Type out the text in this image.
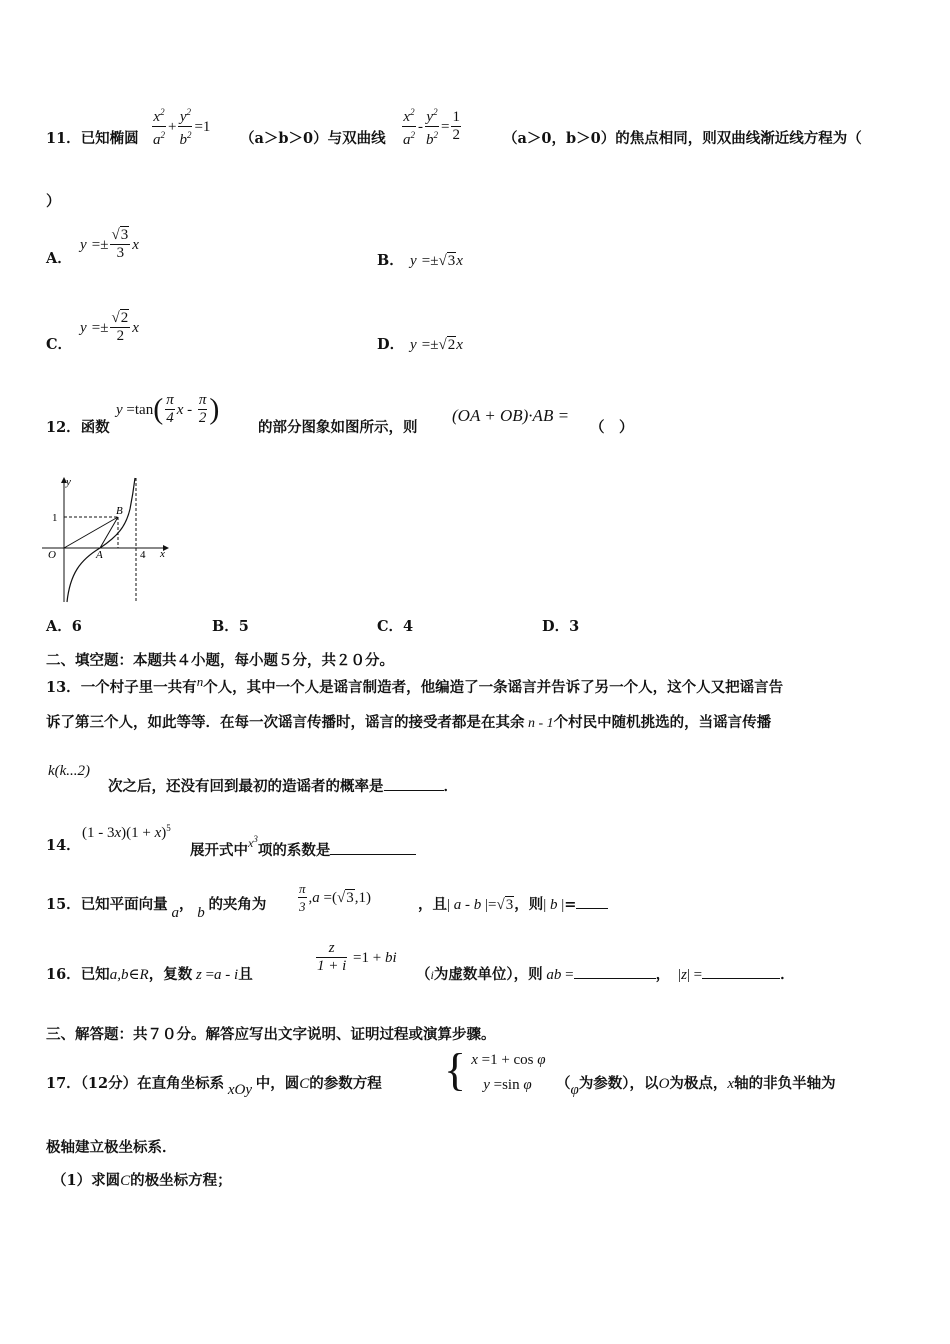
11．已知椭圆 $\frac{x^2}{a^2} + \frac{y^2}{b^2} =1$
（a＞b＞0）与双曲线 $\frac{x^2}{a^2} - \frac{y^2}{b^2} = \frac{1}{2}$	（a＞0，b＞0）的焦点相同，则双曲线渐近线方程为（
）
A．
$y =\pm \frac{√3}{3}$ x
B． y =±√3x
C．
$y =\pm \frac{√2}{2}$ x
D． y =±√2x
12．函数
$y =\tan( \frac{\pi}{4}$ x - $\frac{\pi}{2}$ )
的部分图象如图所示，则
(OA + OB)·AB =
（　）
y
x
O	A
B
1
4
A．6	B．5	C．4	D．3
二、填空题：本题共４小题，每小题５分，共２０分。
13．一个村子里一共有n个人，其中一个人是谣言制造者，他编造了一条谣言并告诉了另一个人，这个人又把谣言告
诉了第三个人，如此等等．在每一次谣言传播时，谣言的接受者都是在其余 n - 1个村民中随机挑选的，当谣言传播
k(k...2)
次之后，还没有回到最初的造谣者的概率是	．
14．
$(1 - 3x)(1 + x)^5$
展开式中$^{x^3}$项的系数是
15．已知平面向量 a， b 的夹角为 $\frac{\pi}{3} ,a =(√3,1)$	，且| a - b |=√3，则| b |=
16．已知a,b∈R，复数 z =a - i且	$\frac{z}{1 + i} =1$ + bi
（i为虚数单位），则 ab =	， |z| =	．
三、解答题：共７０分。解答应写出文字说明、证明过程或演算步骤。
17．（12分）在直角坐标系 xOy 中，圆C的参数方程 { x =1 + cos φ
y =sin φ	（φ为参数），以O为极点，x轴的非负半轴为
极轴建立极坐标系．
（1）求圆C的极坐标方程；
